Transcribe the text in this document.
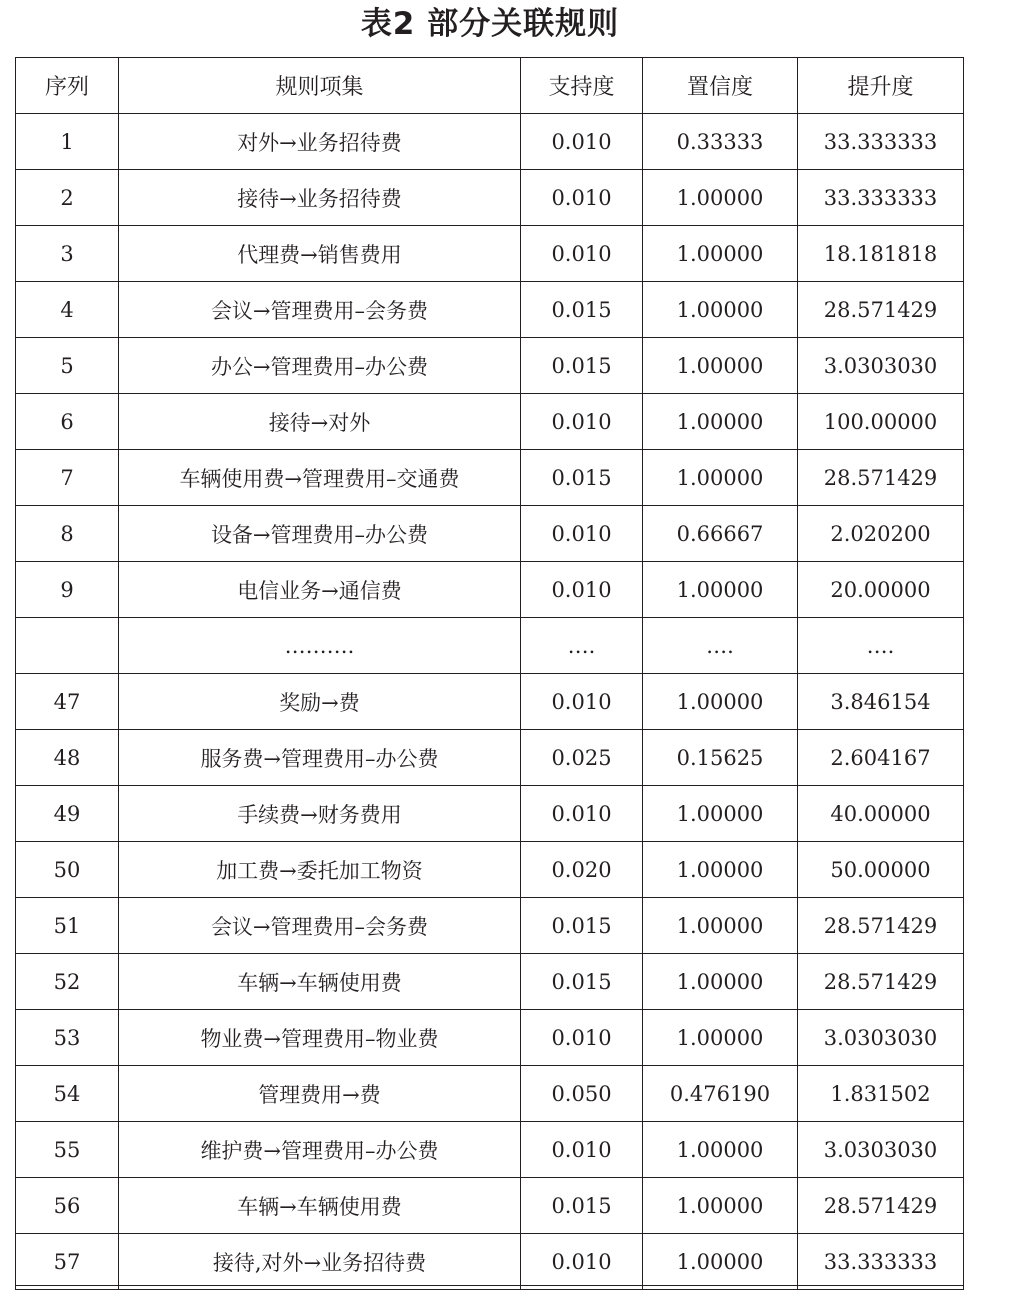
表2 部分关联规则
序列	规则项集	支持度	置信度	提升度
1	对外→业务招待费	0.010	0.33333	33.333333
2	接待→业务招待费	0.010	1.00000	33.333333
3	代理费→销售费用	0.010	1.00000	18.181818
4	会议→管理费用–会务费	0.015	1.00000	28.571429
5	办公→管理费用–办公费	0.015	1.00000	3.0303030
6	接待→对外	0.010	1.00000	100.00000
7	车辆使用费→管理费用–交通费	0.015	1.00000	28.571429
8	设备→管理费用–办公费	0.010	0.66667	2.020200
9	电信业务→通信费	0.010	1.00000	20.00000
	……….	….	….	….
47	奖励→费	0.010	1.00000	3.846154
48	服务费→管理费用–办公费	0.025	0.15625	2.604167
49	手续费→财务费用	0.010	1.00000	40.00000
50	加工费→委托加工物资	0.020	1.00000	50.00000
51	会议→管理费用–会务费	0.015	1.00000	28.571429
52	车辆→车辆使用费	0.015	1.00000	28.571429
53	物业费→管理费用–物业费	0.010	1.00000	3.0303030
54	管理费用→费	0.050	0.476190	1.831502
55	维护费→管理费用–办公费	0.010	1.00000	3.0303030
56	车辆→车辆使用费	0.015	1.00000	28.571429
57	接待,对外→业务招待费	0.010	1.00000	33.333333
